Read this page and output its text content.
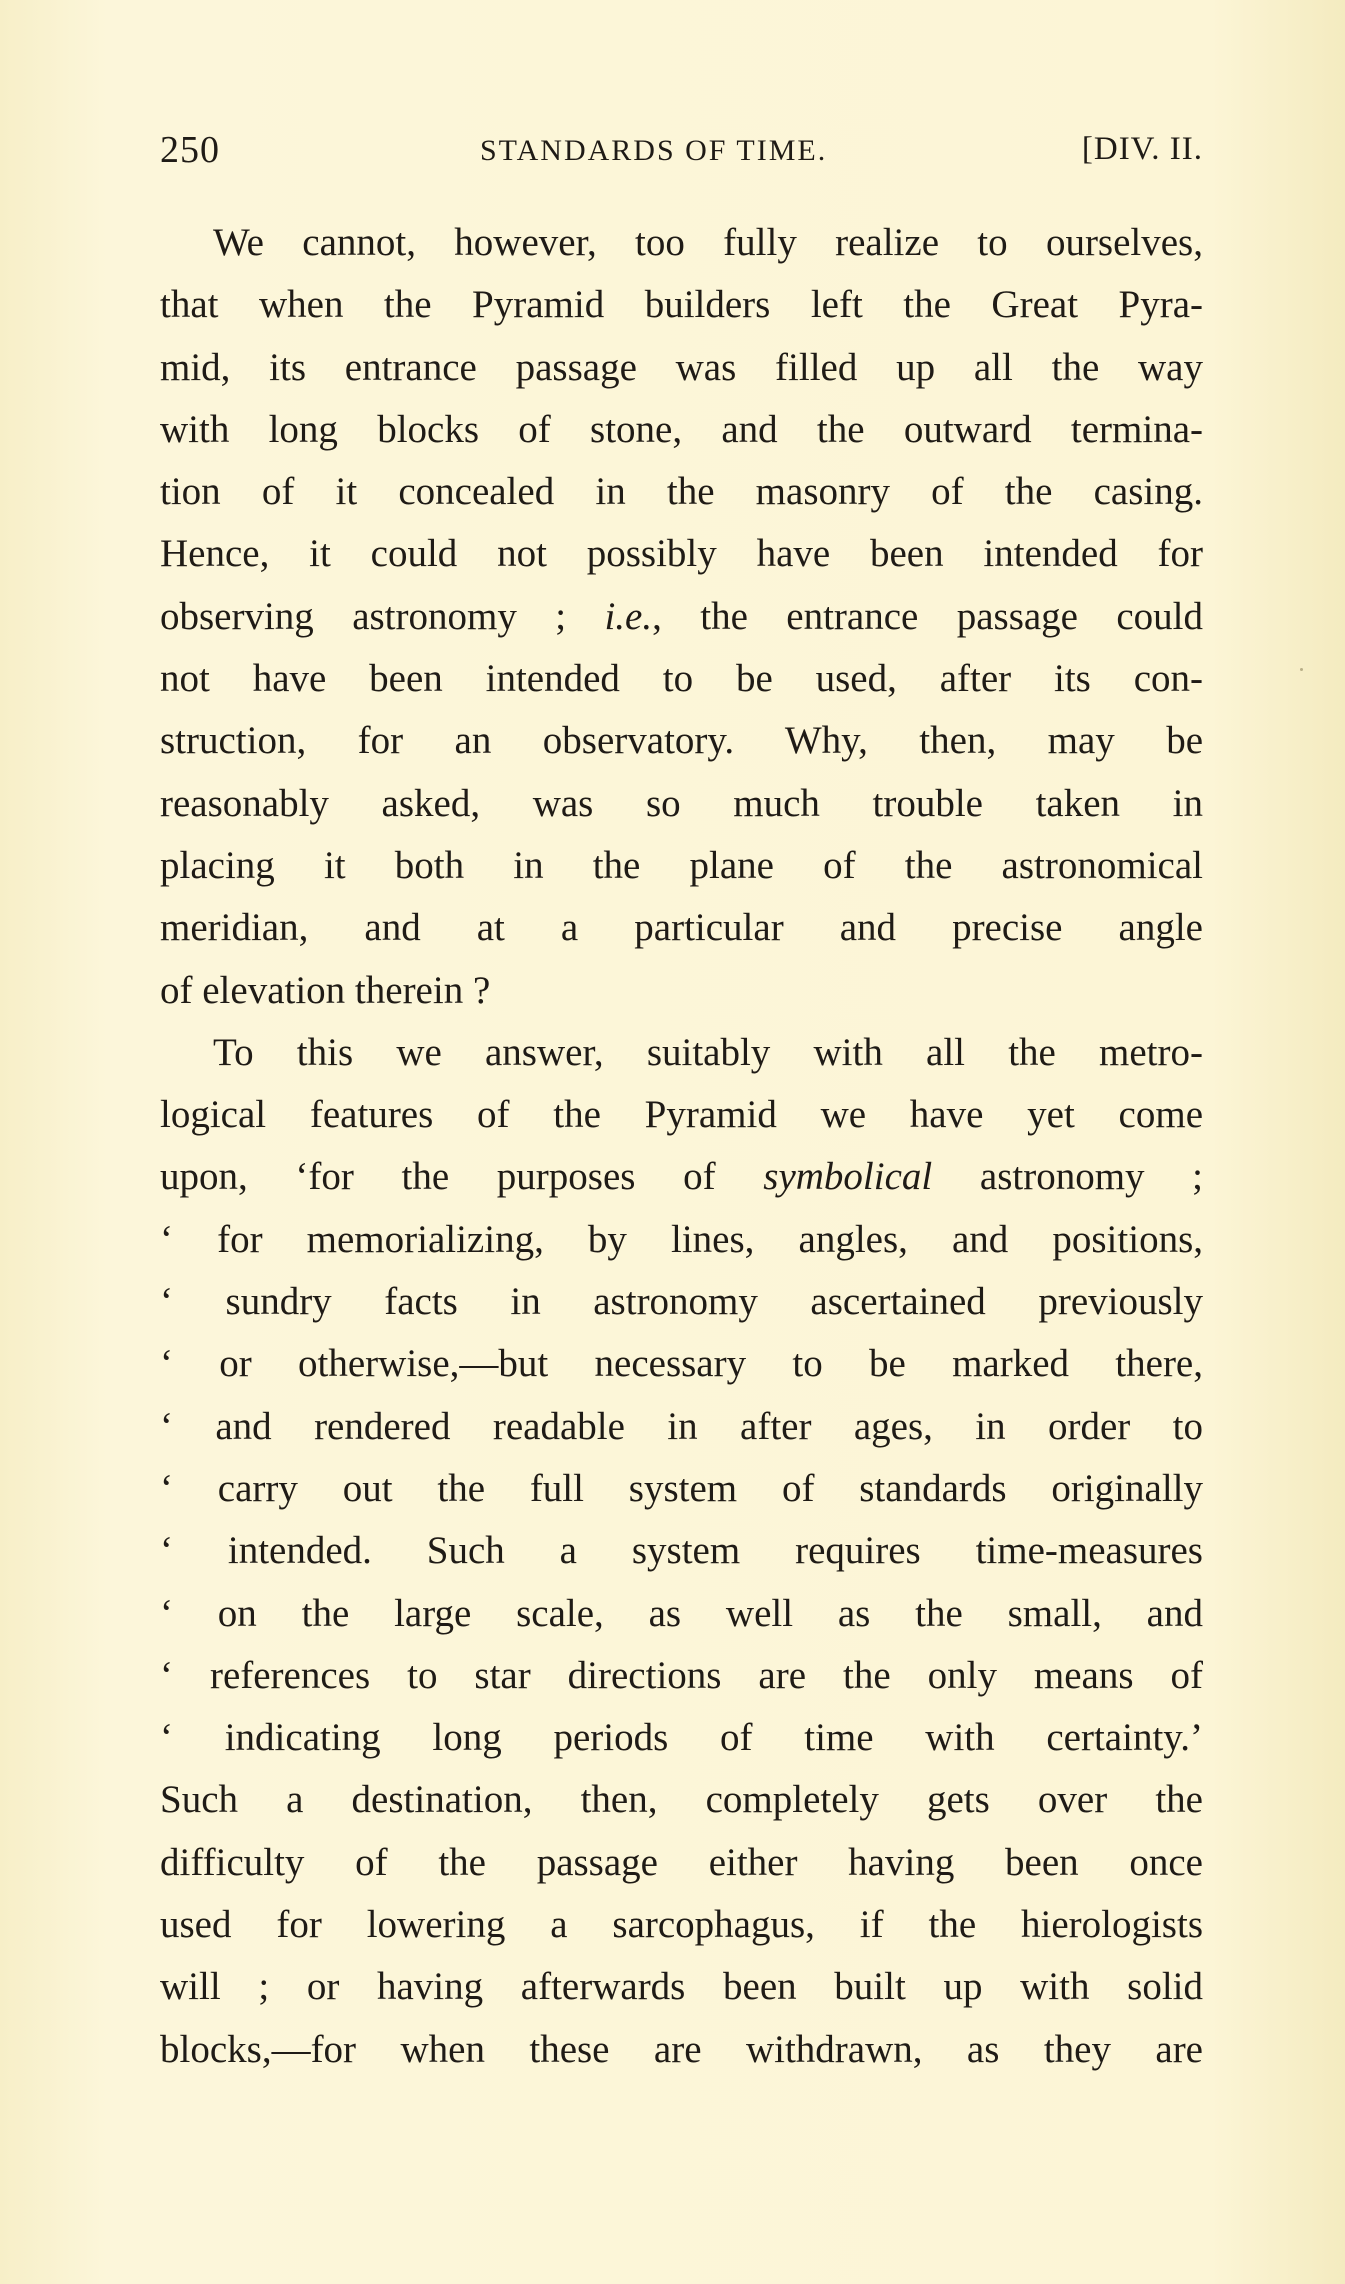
250	STANDARDS OF TIME.	[DIV. II.
We cannot, however, too fully realize to ourselves,
that when the Pyramid builders left the Great Pyra-
mid, its entrance passage was filled up all the way
with long blocks of stone, and the outward termina-
tion of it concealed in the masonry of the casing.
Hence, it could not possibly have been intended for
observing astronomy ; i.e., the entrance passage could
not have been intended to be used, after its con-
struction, for an observatory. Why, then, may be
reasonably asked, was so much trouble taken in
placing it both in the plane of the astronomical
meridian, and at a particular and precise angle
of elevation therein ?
To this we answer, suitably with all the metro-
logical features of the Pyramid we have yet come
upon, ‘for the purposes of symbolical astronomy ;
‘ for memorializing, by lines, angles, and positions,
‘ sundry facts in astronomy ascertained previously
‘ or otherwise,—but necessary to be marked there,
‘ and rendered readable in after ages, in order to
‘ carry out the full system of standards originally
‘ intended. Such a system requires time-measures
‘ on the large scale, as well as the small, and
‘ references to star directions are the only means of
‘ indicating long periods of time with certainty.’
Such a destination, then, completely gets over the
difficulty of the passage either having been once
used for lowering a sarcophagus, if the hierologists
will ; or having afterwards been built up with solid
blocks,—for when these are withdrawn, as they are
